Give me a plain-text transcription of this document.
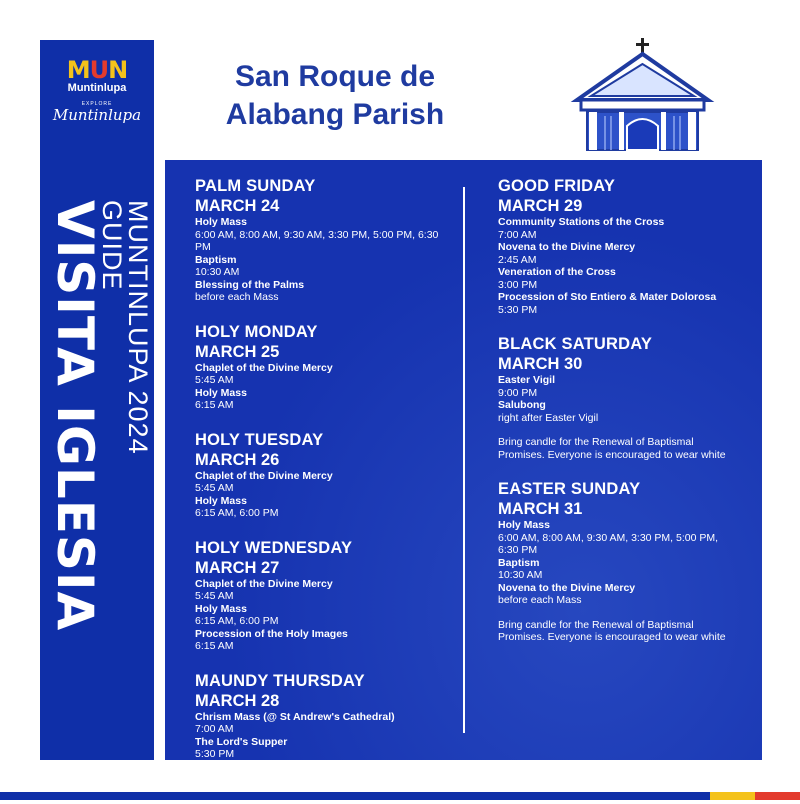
MUN
Muntinlupa
EXPLORE
Muntinlupa
MUNTINLUPA 2024
GUIDE
VISITA IGLESIA
San Roque de
Alabang Parish
PALM SUNDAY
MARCH 24
Holy Mass
6:00 AM, 8:00 AM, 9:30 AM, 3:30 PM, 5:00 PM, 6:30 PM
Baptism
10:30 AM
Blessing of the Palms
before each Mass
HOLY MONDAY
MARCH 25
Chaplet of the Divine Mercy
5:45 AM
Holy Mass
6:15 AM
HOLY TUESDAY
MARCH 26
Chaplet of the Divine Mercy
5:45 AM
Holy Mass
6:15 AM, 6:00 PM
HOLY WEDNESDAY
MARCH 27
Chaplet of the Divine Mercy
5:45 AM
Holy Mass
6:15 AM, 6:00 PM
Procession of the Holy Images
6:15 AM
MAUNDY THURSDAY
MARCH 28
Chrism Mass (@ St Andrew's Cathedral)
7:00 AM
The Lord's Supper
5:30 PM
Silent Vigil at the Altar of Repose
7:00 PM - 12:00 AM
GOOD FRIDAY
MARCH 29
Community Stations of the Cross
7:00 AM
Novena to the Divine Mercy
2:45 AM
Veneration of the Cross
3:00 PM
Procession of Sto Entiero & Mater Dolorosa
5:30 PM
BLACK SATURDAY
MARCH 30
Easter Vigil
9:00 PM
Salubong
right after Easter Vigil
Bring candle for the Renewal of Baptismal Promises. Everyone is encouraged to wear white
EASTER SUNDAY
MARCH 31
Holy Mass
6:00 AM, 8:00 AM, 9:30 AM, 3:30 PM, 5:00 PM, 6:30 PM
Baptism
10:30 AM
Novena to the Divine Mercy
before each Mass
Bring candle for the Renewal of Baptismal Promises. Everyone is encouraged to wear white
